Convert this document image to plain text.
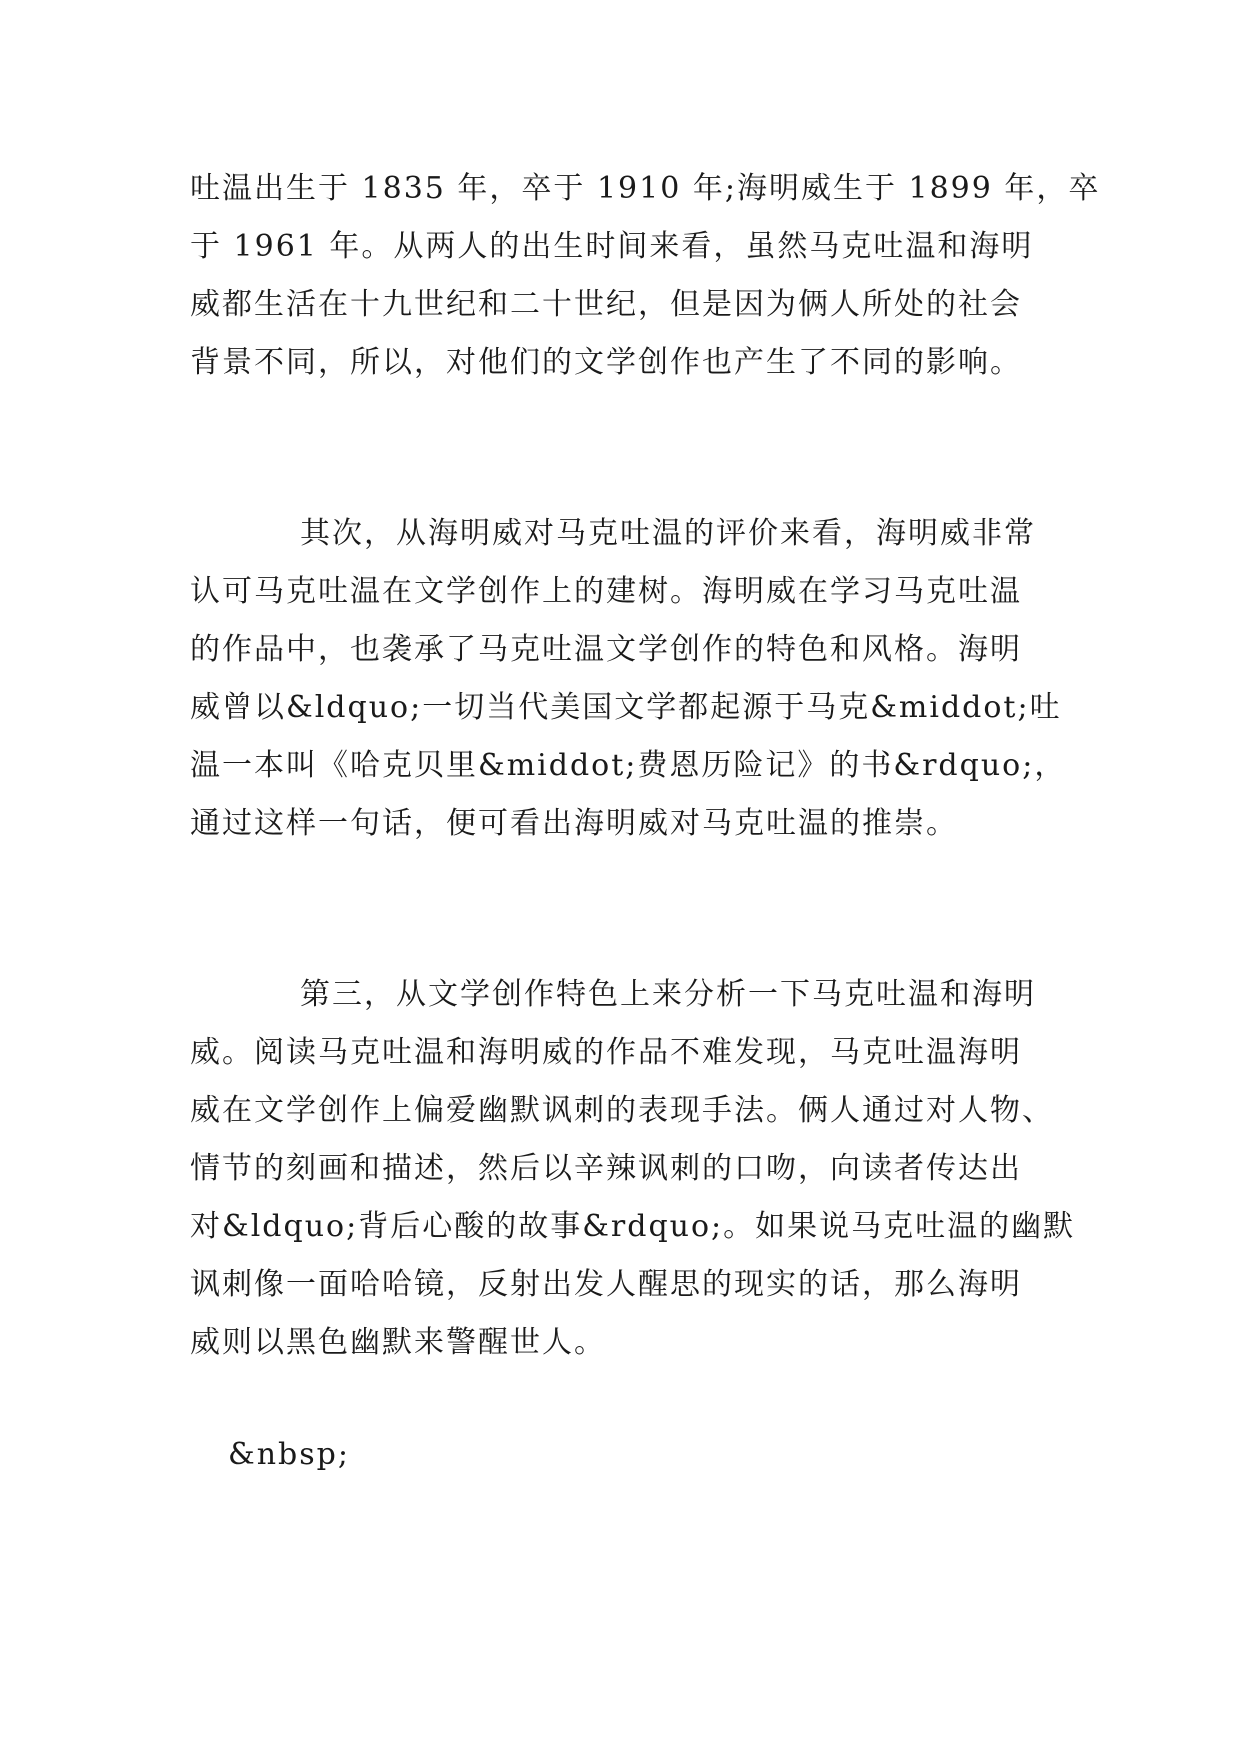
吐温出生于 1835 年，卒于 1910 年;海明威生于 1899 年，卒
于 1961 年。从两人的出生时间来看，虽然马克吐温和海明
威都生活在十九世纪和二十世纪，但是因为俩人所处的社会
背景不同，所以，对他们的文学创作也产生了不同的影响。
其次，从海明威对马克吐温的评价来看，海明威非常
认可马克吐温在文学创作上的建树。海明威在学习马克吐温
的作品中，也袭承了马克吐温文学创作的特色和风格。海明
威曾以&ldquo;一切当代美国文学都起源于马克&middot;吐
温一本叫《哈克贝里&middot;费恩历险记》的书&rdquo;，
通过这样一句话，便可看出海明威对马克吐温的推崇。
第三，从文学创作特色上来分析一下马克吐温和海明
威。阅读马克吐温和海明威的作品不难发现，马克吐温海明
威在文学创作上偏爱幽默讽刺的表现手法。俩人通过对人物、
情节的刻画和描述，然后以辛辣讽刺的口吻，向读者传达出
对&ldquo;背后心酸的故事&rdquo;。如果说马克吐温的幽默
讽刺像一面哈哈镜，反射出发人醒思的现实的话，那么海明
威则以黑色幽默来警醒世人。
&nbsp;
